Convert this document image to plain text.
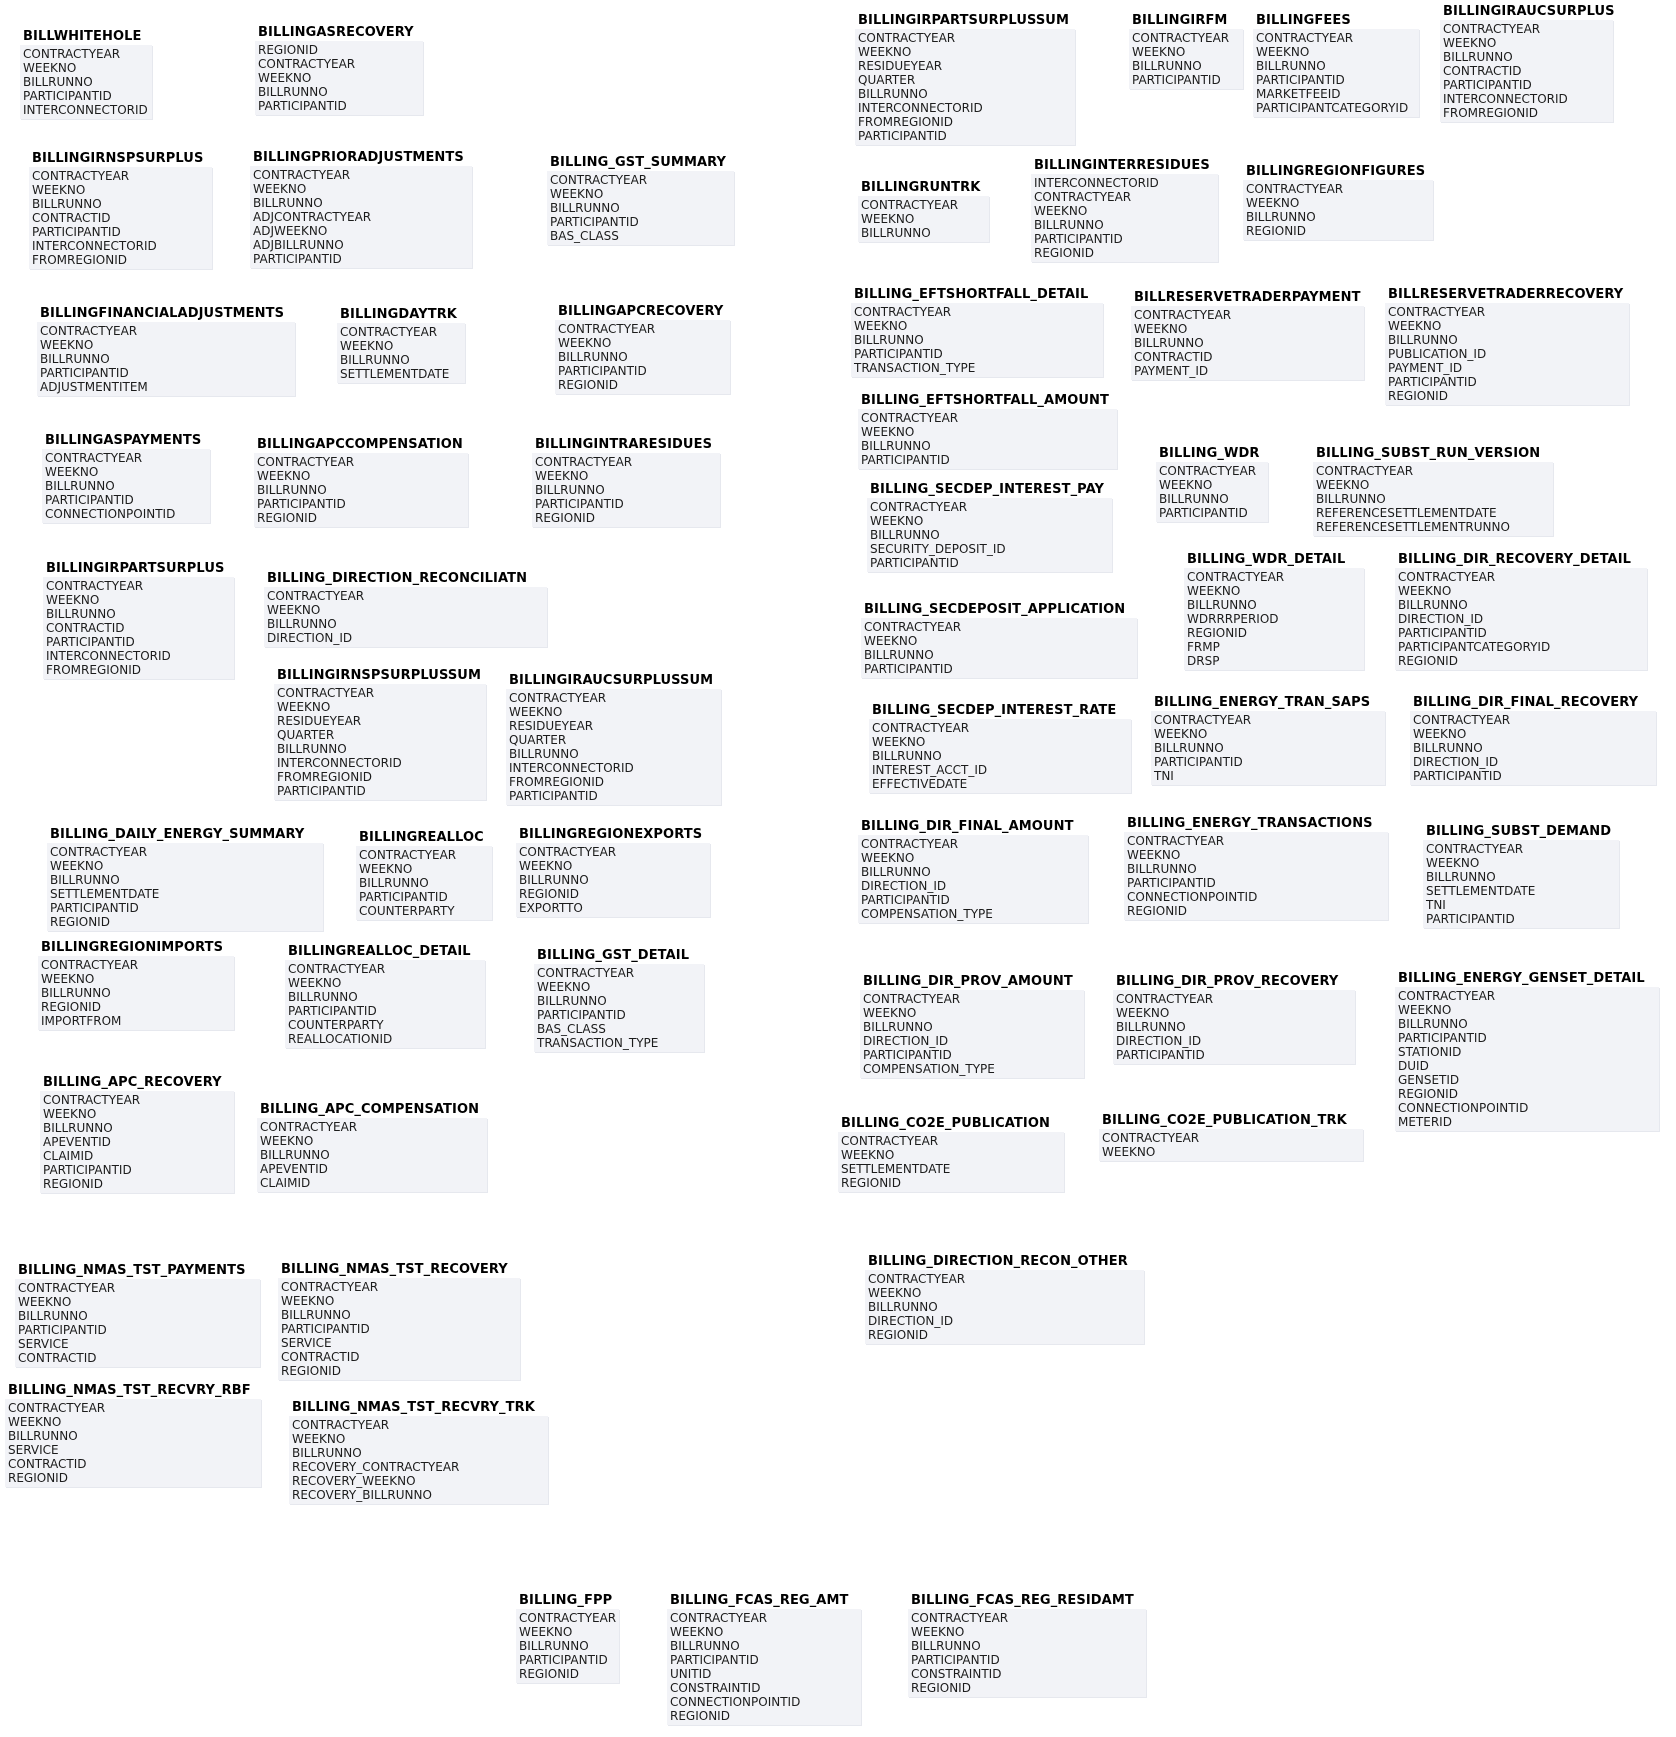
BILLWHITEHOLE
CONTRACTYEAR
WEEKNO
BILLRUNNO
PARTICIPANTID
INTERCONNECTORID
BILLINGASRECOVERY
REGIONID
CONTRACTYEAR
WEEKNO
BILLRUNNO
PARTICIPANTID
BILLINGIRNSPSURPLUS
CONTRACTYEAR
WEEKNO
BILLRUNNO
CONTRACTID
PARTICIPANTID
INTERCONNECTORID
FROMREGIONID
BILLINGPRIORADJUSTMENTS
CONTRACTYEAR
WEEKNO
BILLRUNNO
ADJCONTRACTYEAR
ADJWEEKNO
ADJBILLRUNNO
PARTICIPANTID
BILLING_GST_SUMMARY
CONTRACTYEAR
WEEKNO
BILLRUNNO
PARTICIPANTID
BAS_CLASS
BILLINGFINANCIALADJUSTMENTS
CONTRACTYEAR
WEEKNO
BILLRUNNO
PARTICIPANTID
ADJUSTMENTITEM
BILLINGDAYTRK
CONTRACTYEAR
WEEKNO
BILLRUNNO
SETTLEMENTDATE
BILLINGAPCRECOVERY
CONTRACTYEAR
WEEKNO
BILLRUNNO
PARTICIPANTID
REGIONID
BILLINGASPAYMENTS
CONTRACTYEAR
WEEKNO
BILLRUNNO
PARTICIPANTID
CONNECTIONPOINTID
BILLINGAPCCOMPENSATION
CONTRACTYEAR
WEEKNO
BILLRUNNO
PARTICIPANTID
REGIONID
BILLINGINTRARESIDUES
CONTRACTYEAR
WEEKNO
BILLRUNNO
PARTICIPANTID
REGIONID
BILLINGIRPARTSURPLUS
CONTRACTYEAR
WEEKNO
BILLRUNNO
CONTRACTID
PARTICIPANTID
INTERCONNECTORID
FROMREGIONID
BILLING_DIRECTION_RECONCILIATN
CONTRACTYEAR
WEEKNO
BILLRUNNO
DIRECTION_ID
BILLINGIRNSPSURPLUSSUM
CONTRACTYEAR
WEEKNO
RESIDUEYEAR
QUARTER
BILLRUNNO
INTERCONNECTORID
FROMREGIONID
PARTICIPANTID
BILLINGIRAUCSURPLUSSUM
CONTRACTYEAR
WEEKNO
RESIDUEYEAR
QUARTER
BILLRUNNO
INTERCONNECTORID
FROMREGIONID
PARTICIPANTID
BILLING_DAILY_ENERGY_SUMMARY
CONTRACTYEAR
WEEKNO
BILLRUNNO
SETTLEMENTDATE
PARTICIPANTID
REGIONID
BILLINGREALLOC
CONTRACTYEAR
WEEKNO
BILLRUNNO
PARTICIPANTID
COUNTERPARTY
BILLINGREGIONEXPORTS
CONTRACTYEAR
WEEKNO
BILLRUNNO
REGIONID
EXPORTTO
BILLINGREGIONIMPORTS
CONTRACTYEAR
WEEKNO
BILLRUNNO
REGIONID
IMPORTFROM
BILLINGREALLOC_DETAIL
CONTRACTYEAR
WEEKNO
BILLRUNNO
PARTICIPANTID
COUNTERPARTY
REALLOCATIONID
BILLING_GST_DETAIL
CONTRACTYEAR
WEEKNO
BILLRUNNO
PARTICIPANTID
BAS_CLASS
TRANSACTION_TYPE
BILLING_APC_RECOVERY
CONTRACTYEAR
WEEKNO
BILLRUNNO
APEVENTID
CLAIMID
PARTICIPANTID
REGIONID
BILLING_APC_COMPENSATION
CONTRACTYEAR
WEEKNO
BILLRUNNO
APEVENTID
CLAIMID
BILLING_NMAS_TST_PAYMENTS
CONTRACTYEAR
WEEKNO
BILLRUNNO
PARTICIPANTID
SERVICE
CONTRACTID
BILLING_NMAS_TST_RECOVERY
CONTRACTYEAR
WEEKNO
BILLRUNNO
PARTICIPANTID
SERVICE
CONTRACTID
REGIONID
BILLING_NMAS_TST_RECVRY_RBF
CONTRACTYEAR
WEEKNO
BILLRUNNO
SERVICE
CONTRACTID
REGIONID
BILLING_NMAS_TST_RECVRY_TRK
CONTRACTYEAR
WEEKNO
BILLRUNNO
RECOVERY_CONTRACTYEAR
RECOVERY_WEEKNO
RECOVERY_BILLRUNNO
BILLING_FPP
CONTRACTYEAR
WEEKNO
BILLRUNNO
PARTICIPANTID
REGIONID
BILLING_FCAS_REG_AMT
CONTRACTYEAR
WEEKNO
BILLRUNNO
PARTICIPANTID
UNITID
CONSTRAINTID
CONNECTIONPOINTID
REGIONID
BILLING_FCAS_REG_RESIDAMT
CONTRACTYEAR
WEEKNO
BILLRUNNO
PARTICIPANTID
CONSTRAINTID
REGIONID
BILLINGIRPARTSURPLUSSUM
CONTRACTYEAR
WEEKNO
RESIDUEYEAR
QUARTER
BILLRUNNO
INTERCONNECTORID
FROMREGIONID
PARTICIPANTID
BILLINGIRFM
CONTRACTYEAR
WEEKNO
BILLRUNNO
PARTICIPANTID
BILLINGFEES
CONTRACTYEAR
WEEKNO
BILLRUNNO
PARTICIPANTID
MARKETFEEID
PARTICIPANTCATEGORYID
BILLINGIRAUCSURPLUS
CONTRACTYEAR
WEEKNO
BILLRUNNO
CONTRACTID
PARTICIPANTID
INTERCONNECTORID
FROMREGIONID
BILLINGRUNTRK
CONTRACTYEAR
WEEKNO
BILLRUNNO
BILLINGINTERRESIDUES
INTERCONNECTORID
CONTRACTYEAR
WEEKNO
BILLRUNNO
PARTICIPANTID
REGIONID
BILLINGREGIONFIGURES
CONTRACTYEAR
WEEKNO
BILLRUNNO
REGIONID
BILLING_EFTSHORTFALL_DETAIL
CONTRACTYEAR
WEEKNO
BILLRUNNO
PARTICIPANTID
TRANSACTION_TYPE
BILLRESERVETRADERPAYMENT
CONTRACTYEAR
WEEKNO
BILLRUNNO
CONTRACTID
PAYMENT_ID
BILLRESERVETRADERRECOVERY
CONTRACTYEAR
WEEKNO
BILLRUNNO
PUBLICATION_ID
PAYMENT_ID
PARTICIPANTID
REGIONID
BILLING_EFTSHORTFALL_AMOUNT
CONTRACTYEAR
WEEKNO
BILLRUNNO
PARTICIPANTID	BILLING_WDR
CONTRACTYEAR
WEEKNO
BILLRUNNO
PARTICIPANTID
BILLING_SUBST_RUN_VERSION
CONTRACTYEAR
WEEKNO
BILLRUNNO
REFERENCESETTLEMENTDATE
REFERENCESETTLEMENTRUNNO
BILLING_SECDEP_INTEREST_PAY
CONTRACTYEAR
WEEKNO
BILLRUNNO
SECURITY_DEPOSIT_ID
PARTICIPANTID	BILLING_WDR_DETAIL
CONTRACTYEAR
WEEKNO
BILLRUNNO
WDRRRPERIOD
REGIONID
FRMP
DRSP
BILLING_DIR_RECOVERY_DETAIL
CONTRACTYEAR
WEEKNO
BILLRUNNO
DIRECTION_ID
PARTICIPANTID
PARTICIPANTCATEGORYID
REGIONID
BILLING_SECDEPOSIT_APPLICATION
CONTRACTYEAR
WEEKNO
BILLRUNNO
PARTICIPANTID
BILLING_SECDEP_INTEREST_RATE
CONTRACTYEAR
WEEKNO
BILLRUNNO
INTEREST_ACCT_ID
EFFECTIVEDATE
BILLING_ENERGY_TRAN_SAPS
CONTRACTYEAR
WEEKNO
BILLRUNNO
PARTICIPANTID
TNI
BILLING_DIR_FINAL_RECOVERY
CONTRACTYEAR
WEEKNO
BILLRUNNO
DIRECTION_ID
PARTICIPANTID
BILLING_DIR_FINAL_AMOUNT
CONTRACTYEAR
WEEKNO
BILLRUNNO
DIRECTION_ID
PARTICIPANTID
COMPENSATION_TYPE
BILLING_ENERGY_TRANSACTIONS
CONTRACTYEAR
WEEKNO
BILLRUNNO
PARTICIPANTID
CONNECTIONPOINTID
REGIONID
BILLING_SUBST_DEMAND
CONTRACTYEAR
WEEKNO
BILLRUNNO
SETTLEMENTDATE
TNI
PARTICIPANTID
BILLING_DIR_PROV_AMOUNT
CONTRACTYEAR
WEEKNO
BILLRUNNO
DIRECTION_ID
PARTICIPANTID
COMPENSATION_TYPE
BILLING_DIR_PROV_RECOVERY
CONTRACTYEAR
WEEKNO
BILLRUNNO
DIRECTION_ID
PARTICIPANTID
BILLING_ENERGY_GENSET_DETAIL
CONTRACTYEAR
WEEKNO
BILLRUNNO
PARTICIPANTID
STATIONID
DUID
GENSETID
REGIONID
CONNECTIONPOINTID
METERID
BILLING_CO2E_PUBLICATION
CONTRACTYEAR
WEEKNO
SETTLEMENTDATE
REGIONID
BILLING_CO2E_PUBLICATION_TRK
CONTRACTYEAR
WEEKNO
BILLING_DIRECTION_RECON_OTHER
CONTRACTYEAR
WEEKNO
BILLRUNNO
DIRECTION_ID
REGIONID
